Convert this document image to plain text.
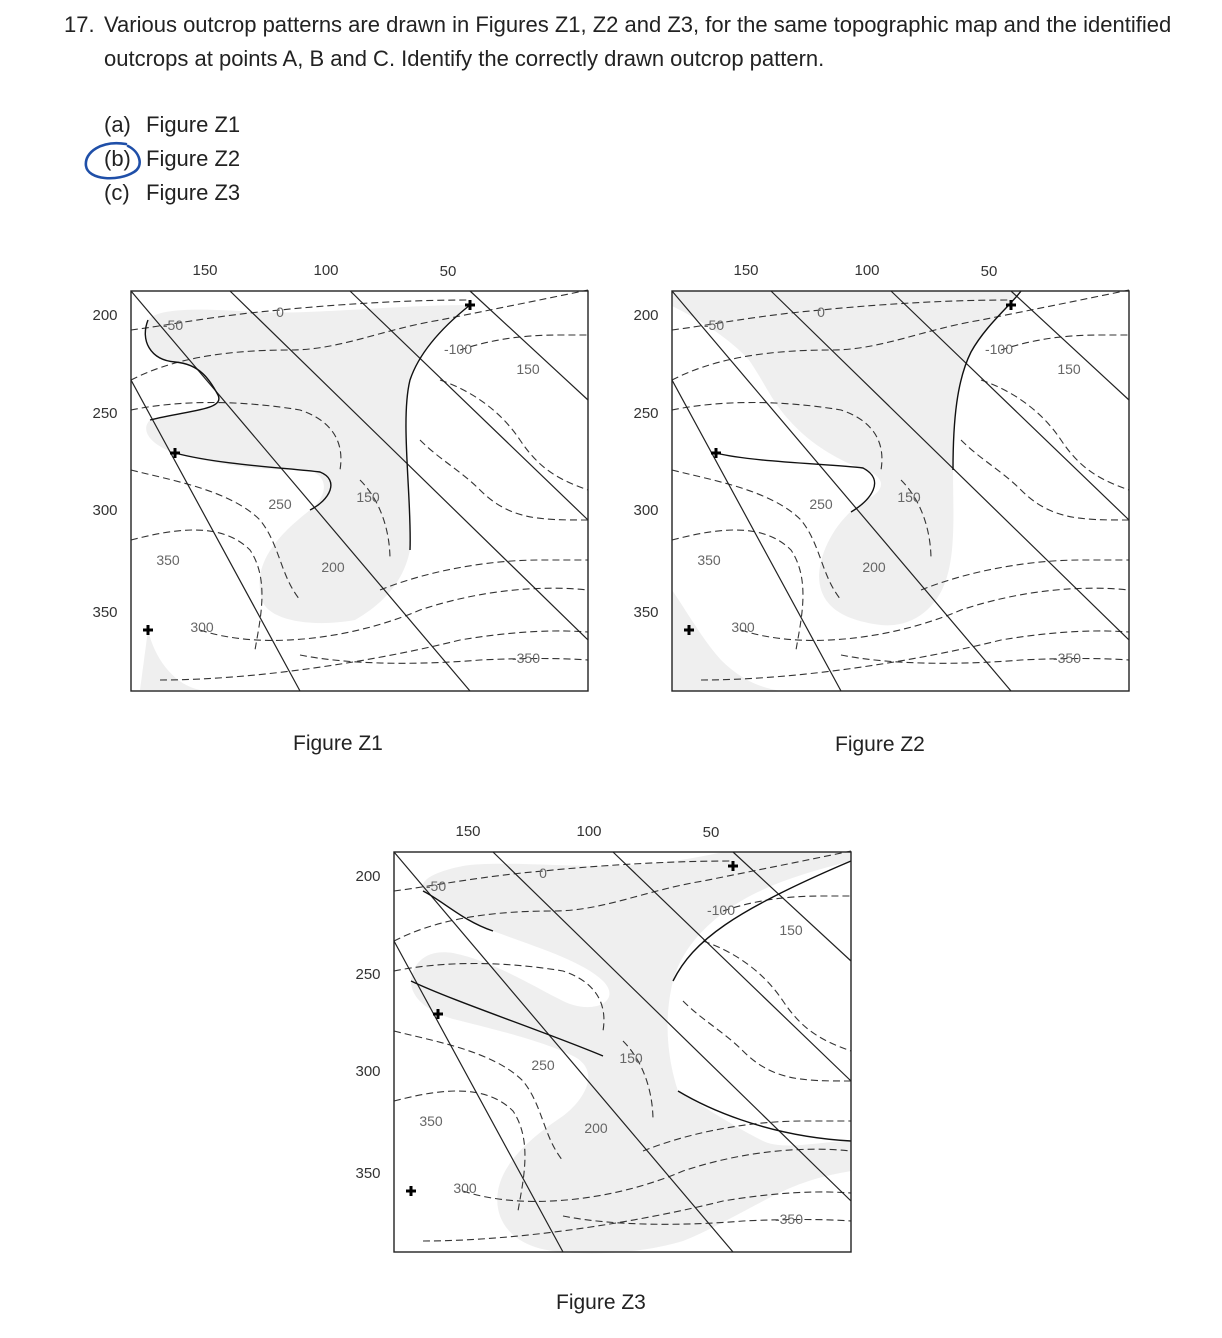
17. Various outcrop patterns are drawn in Figures Z1, Z2 and Z3, for the same topographic map and the identified outcrops at points A, B and C. Identify the correctly drawn outcrop pattern.
(a) Figure Z1
(b) Figure Z2
(c) Figure Z3
150	100	50
200
250
300
350
-50
0
-100
150
250	150
200
350
300
-350
Figure Z1
150	100	50
200
250
300
350
-50
0
-100
150
250	150
200
350
300
-350
Figure Z2
150	100	50
200
250
300
350
-50
0
-100
150
250	150
200
350
300
-350
Figure Z3
